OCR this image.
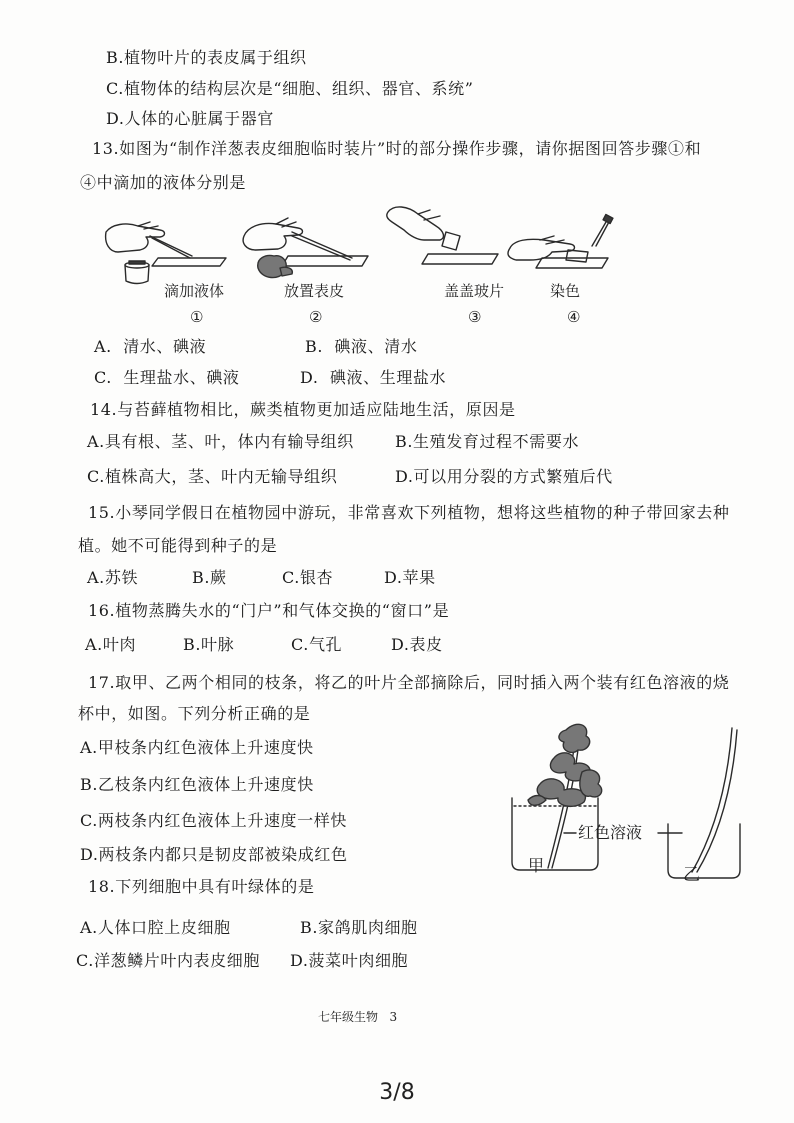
B.植物叶片的表皮属于组织
C.植物体的结构层次是“细胞、组织、器官、系统”
D.人体的心脏属于器官
13.如图为“制作洋葱表皮细胞临时装片”时的部分操作步骤，请你据图回答步骤①和
④中滴加的液体分别是
滴加液体
①
放置表皮
②
盖盖玻片
③
染色
④
A.  清水、碘液	B.  碘液、清水
C.  生理盐水、碘液	D.  碘液、生理盐水
14.与苔藓植物相比，蕨类植物更加适应陆地生活，原因是
A.具有根、茎、叶，体内有输导组织	B.生殖发育过程不需要水
C.植株高大，茎、叶内无输导组织	D.可以用分裂的方式繁殖后代
15.小琴同学假日在植物园中游玩，非常喜欢下列植物，想将这些植物的种子带回家去种
植。她不可能得到种子的是
A.苏铁	B.蕨	C.银杏	D.苹果
16.植物蒸腾失水的“门户”和气体交换的“窗口”是
A.叶肉	B.叶脉	C.气孔	D.表皮
17.取甲、乙两个相同的枝条，将乙的叶片全部摘除后，同时插入两个装有红色溶液的烧
杯中，如图。下列分析正确的是
A.甲枝条内红色液体上升速度快
B.乙枝条内红色液体上升速度快
C.两枝条内红色液体上升速度一样快
D.两枝条内都只是韧皮部被染成红色
红色溶液
甲	乙
18.下列细胞中具有叶绿体的是
A.人体口腔上皮细胞	B.家鸽肌肉细胞
C.洋葱鳞片叶内表皮细胞 D.菠菜叶肉细胞
七年级生物   3
3/8
